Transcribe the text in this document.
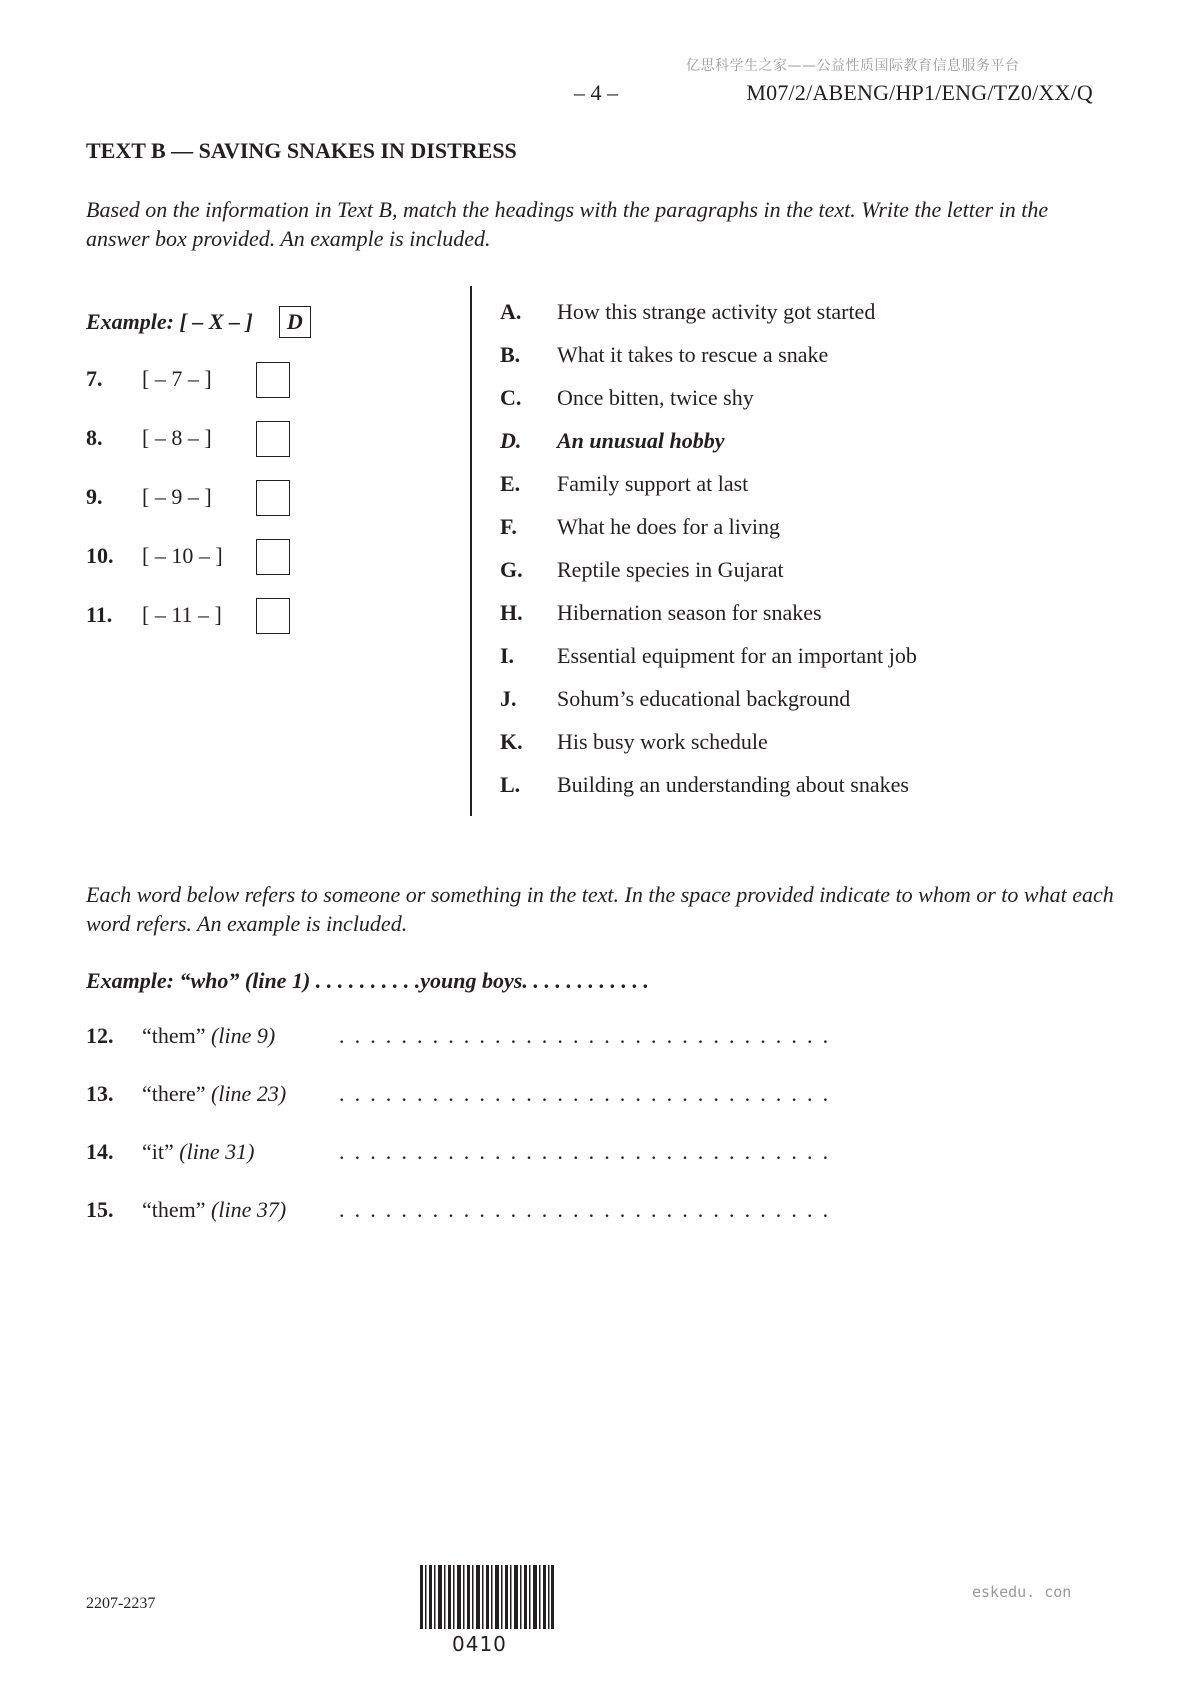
亿思科学生之家——公益性质国际教育信息服务平台
– 4 –	M07/2/ABENG/HP1/ENG/TZ0/XX/Q
TEXT B — SAVING SNAKES IN DISTRESS
Based on the information in Text B, match the headings with the paragraphs in the text. Write the letter in the answer box provided. An example is included.
Example: [ – X – ]	D
7. [ – 7 – ]
8. [ – 8 – ]
9. [ – 9 – ]
10. [ – 10 – ]
11. [ – 11 – ]
A. How this strange activity got started
B. What it takes to rescue a snake
C. Once bitten, twice shy
D. An unusual hobby
E. Family support at last
F. What he does for a living
G. Reptile species in Gujarat
H. Hibernation season for snakes
I. Essential equipment for an important job
J. Sohum’s educational background
K. His busy work schedule
L. Building an understanding about snakes
Each word below refers to someone or something in the text. In the space provided indicate to whom or to what each word refers. An example is included.
Example: “who” (line 1) . . . . . . . . . .young boys. . . . . . . . . . . .
12. “them” (line 9)	. . . . . . . . . . . . . . . . . . . . . . . . . . . . . . . .
13. “there” (line 23) . . . . . . . . . . . . . . . . . . . . . . . . . . . . . . . .
14. “it” (line 31)	. . . . . . . . . . . . . . . . . . . . . . . . . . . . . . . .
15. “them” (line 37) . . . . . . . . . . . . . . . . . . . . . . . . . . . . . . . .
2207-2237
0410
eskedu. con
